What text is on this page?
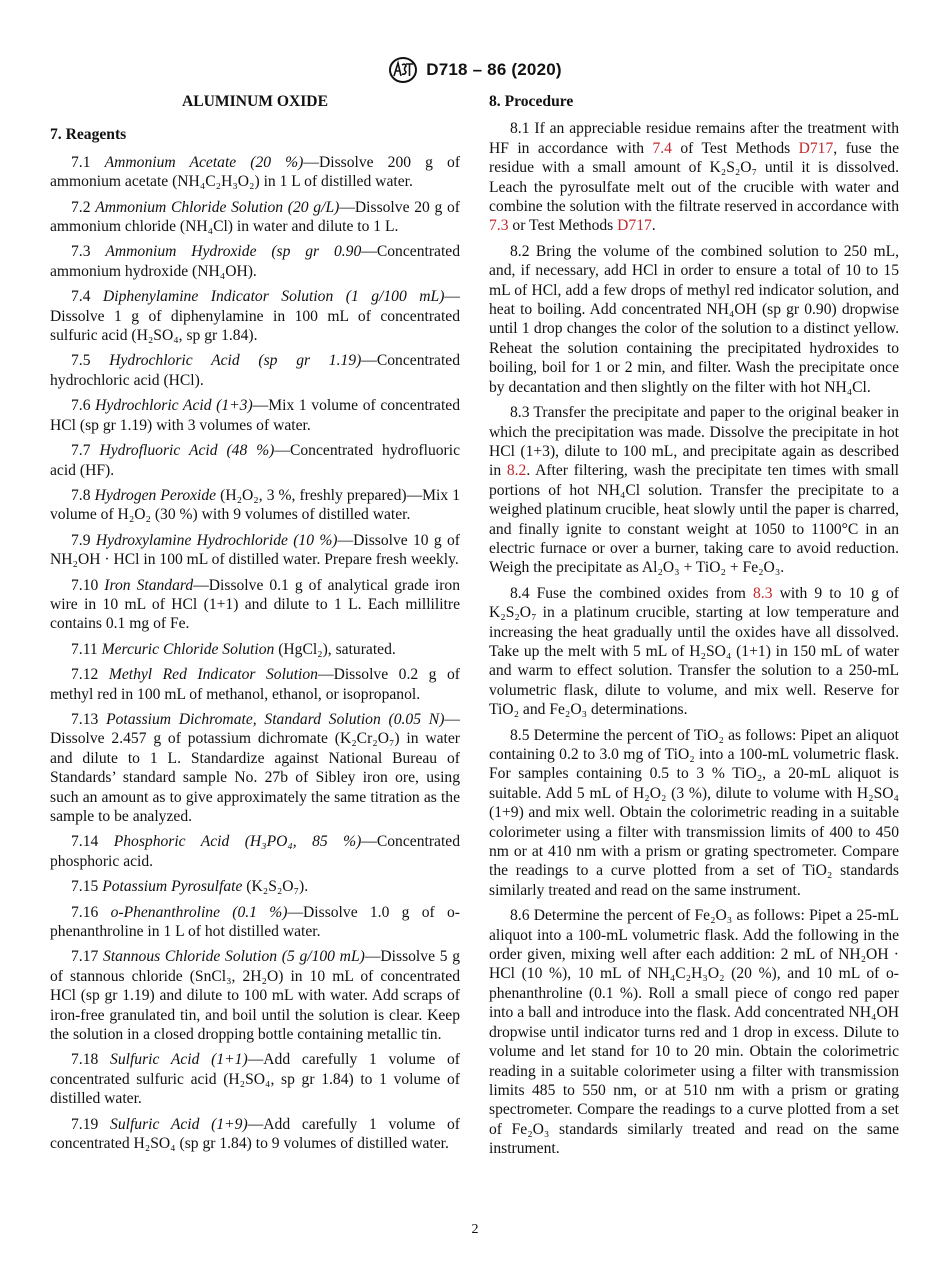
D718 – 86 (2020)
ALUMINUM OXIDE
7. Reagents

7.1 Ammonium Acetate (20 %)—Dissolve 200 g of ammonium acetate (NH₄C₂H₃O₂) in 1 L of distilled water.

7.2 Ammonium Chloride Solution (20 g/L)—Dissolve 20 g of ammonium chloride (NH₄Cl) in water and dilute to 1 L.

7.3 Ammonium Hydroxide (sp gr 0.90—Concentrated ammonium hydroxide (NH₄OH).

7.4 Diphenylamine Indicator Solution (1 g/100 mL)—Dissolve 1 g of diphenylamine in 100 mL of concentrated sulfuric acid (H₂SO₄, sp gr 1.84).

7.5 Hydrochloric Acid (sp gr 1.19)—Concentrated hydrochloric acid (HCl).

7.6 Hydrochloric Acid (1+3)—Mix 1 volume of concentrated HCl (sp gr 1.19) with 3 volumes of water.

7.7 Hydrofluoric Acid (48 %)—Concentrated hydrofluoric acid (HF).

7.8 Hydrogen Peroxide (H₂O₂, 3 %, freshly prepared)—Mix 1 volume of H₂O₂ (30 %) with 9 volumes of distilled water.

7.9 Hydroxylamine Hydrochloride (10 %)—Dissolve 10 g of NH₂OH · HCl in 100 mL of distilled water. Prepare fresh weekly.

7.10 Iron Standard—Dissolve 0.1 g of analytical grade iron wire in 10 mL of HCl (1+1) and dilute to 1 L. Each millilitre contains 0.1 mg of Fe.

7.11 Mercuric Chloride Solution (HgCl₂), saturated.

7.12 Methyl Red Indicator Solution—Dissolve 0.2 g of methyl red in 100 mL of methanol, ethanol, or isopropanol.

7.13 Potassium Dichromate, Standard Solution (0.05 N)—Dissolve 2.457 g of potassium dichromate (K₂Cr₂O₇) in water and dilute to 1 L. Standardize against National Bureau of Standards’ standard sample No. 27b of Sibley iron ore, using such an amount as to give approximately the same titration as the sample to be analyzed.

7.14 Phosphoric Acid (H₃PO₄, 85 %)—Concentrated phosphoric acid.

7.15 Potassium Pyrosulfate (K₂S₂O₇).

7.16 o-Phenanthroline (0.1 %)—Dissolve 1.0 g of o-phenanthroline in 1 L of hot distilled water.

7.17 Stannous Chloride Solution (5 g/100 mL)—Dissolve 5 g of stannous chloride (SnCl₃, 2H₂O) in 10 mL of concentrated HCl (sp gr 1.19) and dilute to 100 mL with water. Add scraps of iron-free granulated tin, and boil until the solution is clear. Keep the solution in a closed dropping bottle containing metallic tin.

7.18 Sulfuric Acid (1+1)—Add carefully 1 volume of concentrated sulfuric acid (H₂SO₄, sp gr 1.84) to 1 volume of distilled water.

7.19 Sulfuric Acid (1+9)—Add carefully 1 volume of concentrated H₂SO₄ (sp gr 1.84) to 9 volumes of distilled water.

8. Procedure

8.1 If an appreciable residue remains after the treatment with HF in accordance with 7.4 of Test Methods D717, fuse the residue with a small amount of K₂S₂O₇ until it is dissolved. Leach the pyrosulfate melt out of the crucible with water and combine the solution with the filtrate reserved in accordance with 7.3 or Test Methods D717.

8.2 Bring the volume of the combined solution to 250 mL, and, if necessary, add HCl in order to ensure a total of 10 to 15 mL of HCl, add a few drops of methyl red indicator solution, and heat to boiling. Add concentrated NH₄OH (sp gr 0.90) dropwise until 1 drop changes the color of the solution to a distinct yellow. Reheat the solution containing the precipitated hydroxides to boiling, boil for 1 or 2 min, and filter. Wash the precipitate once by decantation and then slightly on the filter with hot NH₄Cl.

8.3 Transfer the precipitate and paper to the original beaker in which the precipitation was made. Dissolve the precipitate in hot HCl (1+3), dilute to 100 mL, and precipitate again as described in 8.2. After filtering, wash the precipitate ten times with small portions of hot NH₄Cl solution. Transfer the precipitate to a weighed platinum crucible, heat slowly until the paper is charred, and finally ignite to constant weight at 1050 to 1100°C in an electric furnace or over a burner, taking care to avoid reduction. Weigh the precipitate as Al₂O₃ + TiO₂ + Fe₂O₃.

8.4 Fuse the combined oxides from 8.3 with 9 to 10 g of K₂S₂O₇ in a platinum crucible, starting at low temperature and increasing the heat gradually until the oxides have all dissolved. Take up the melt with 5 mL of H₂SO₄ (1+1) in 150 mL of water and warm to effect solution. Transfer the solution to a 250-mL volumetric flask, dilute to volume, and mix well. Reserve for TiO₂ and Fe₂O₃ determinations.

8.5 Determine the percent of TiO₂ as follows: Pipet an aliquot containing 0.2 to 3.0 mg of TiO₂ into a 100-mL volumetric flask. For samples containing 0.5 to 3 % TiO₂, a 20-mL aliquot is suitable. Add 5 mL of H₂O₂ (3 %), dilute to volume with H₂SO₄ (1+9) and mix well. Obtain the colorimetric reading in a suitable colorimeter using a filter with transmission limits of 400 to 450 nm or at 410 nm with a prism or grating spectrometer. Compare the readings to a curve plotted from a set of TiO₂ standards similarly treated and read on the same instrument.

8.6 Determine the percent of Fe₂O₃ as follows: Pipet a 25-mL aliquot into a 100-mL volumetric flask. Add the following in the order given, mixing well after each addition: 2 mL of NH₂OH · HCl (10 %), 10 mL of NH₄C₂H₃O₂ (20 %), and 10 mL of o-phenanthroline (0.1 %). Roll a small piece of congo red paper into a ball and introduce into the flask. Add concentrated NH₄OH dropwise until indicator turns red and 1 drop in excess. Dilute to volume and let stand for 10 to 20 min. Obtain the colorimetric reading in a suitable colorimeter using a filter with transmission limits 485 to 550 nm, or at 510 nm with a prism or grating spectrometer. Compare the readings to a curve plotted from a set of Fe₂O₃ standards similarly treated and read on the same instrument.

2
